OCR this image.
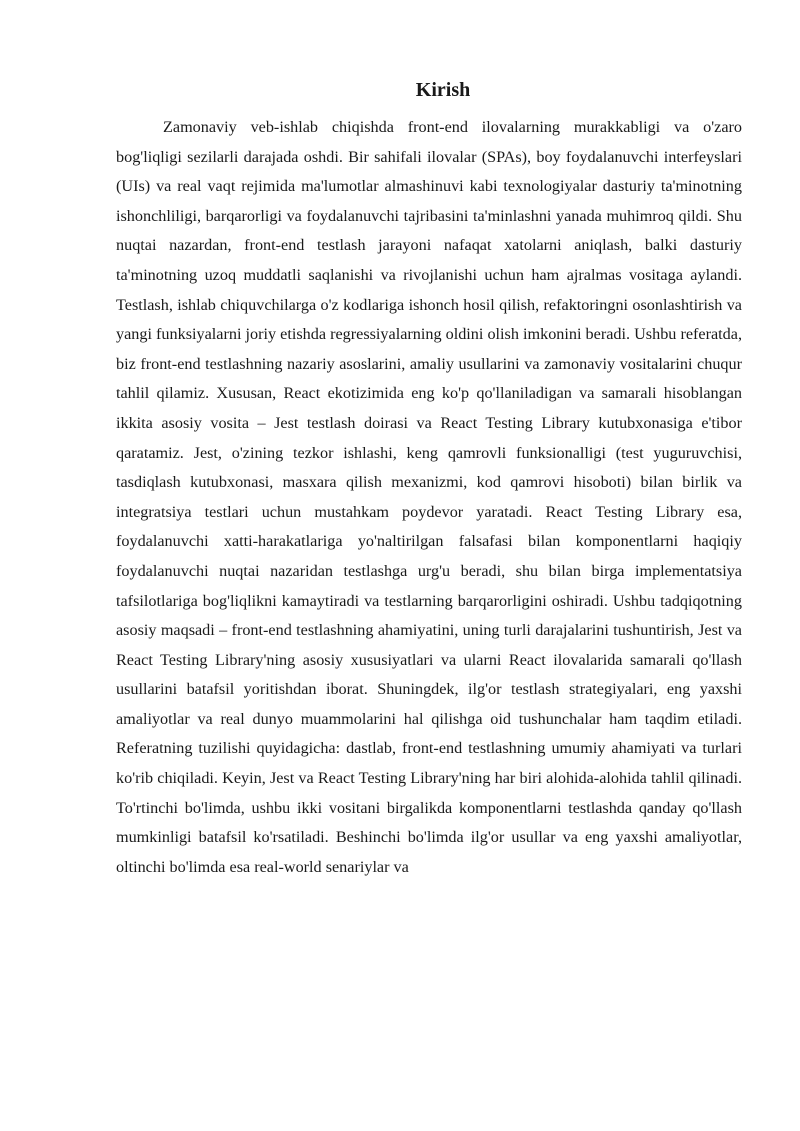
Kirish

Zamonaviy veb-ishlab chiqishda front-end ilovalarning murakkabligi va o'zaro bog'liqligi sezilarli darajada oshdi. Bir sahifali ilovalar (SPAs), boy foydalanuvchi interfeyslari (UIs) va real vaqt rejimida ma'lumotlar almashinuvi kabi texnologiyalar dasturiy ta'minotning ishonchliligi, barqarorligi va foydalanuvchi tajribasini ta'minlashni yanada muhimroq qildi. Shu nuqtai nazardan, front-end testlash jarayoni nafaqat xatolarni aniqlash, balki dasturiy ta'minotning uzoq muddatli saqlanishi va rivojlanishi uchun ham ajralmas vositaga aylandi. Testlash, ishlab chiquvchilarga o'z kodlariga ishonch hosil qilish, refaktoringni osonlashtirish va yangi funksiyalarni joriy etishda regressiyalarning oldini olish imkonini beradi. Ushbu referatda, biz front-end testlashning nazariy asoslarini, amaliy usullarini va zamonaviy vositalarini chuqur tahlil qilamiz. Xususan, React ekotizimida eng ko'p qo'llaniladigan va samarali hisoblangan ikkita asosiy vosita – Jest testlash doirasi va React Testing Library kutubxonasiga e'tibor qaratamiz. Jest, o'zining tezkor ishlashi, keng qamrovli funksionalligi (test yuguruvchisi, tasdiqlash kutubxonasi, masxara qilish mexanizmi, kod qamrovi hisoboti) bilan birlik va integratsiya testlari uchun mustahkam poydevor yaratadi. React Testing Library esa, foydalanuvchi xatti-harakatlariga yo'naltirilgan falsafasi bilan komponentlarni haqiqiy foydalanuvchi nuqtai nazaridan testlashga urg'u beradi, shu bilan birga implementatsiya tafsilotlariga bog'liqlikni kamaytiradi va testlarning barqarorligini oshiradi. Ushbu tadqiqotning asosiy maqsadi – front-end testlashning ahamiyatini, uning turli darajalarini tushuntirish, Jest va React Testing Library'ning asosiy xususiyatlari va ularni React ilovalarida samarali qo'llash usullarini batafsil yoritishdan iborat. Shuningdek, ilg'or testlash strategiyalari, eng yaxshi amaliyotlar va real dunyo muammolarini hal qilishga oid tushunchalar ham taqdim etiladi. Referatning tuzilishi quyidagicha: dastlab, front-end testlashning umumiy ahamiyati va turlari ko'rib chiqiladi. Keyin, Jest va React Testing Library'ning har biri alohida-alohida tahlil qilinadi. To'rtinchi bo'limda, ushbu ikki vositani birgalikda komponentlarni testlashda qanday qo'llash mumkinligi batafsil ko'rsatiladi. Beshinchi bo'limda ilg'or usullar va eng yaxshi amaliyotlar, oltinchi bo'limda esa real-world senariylar va
